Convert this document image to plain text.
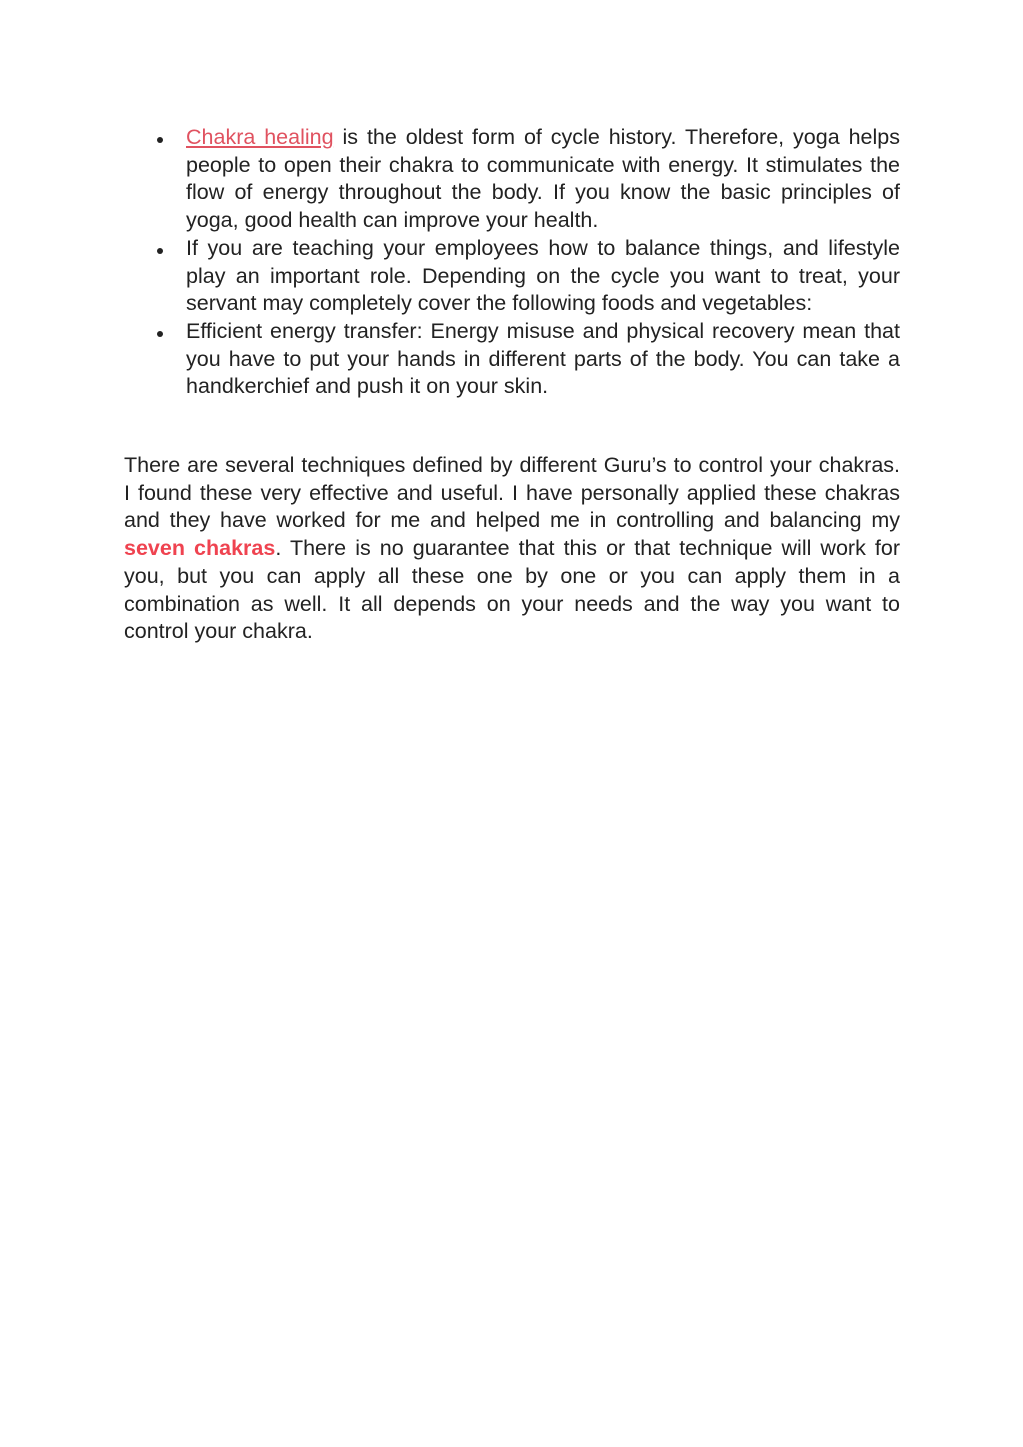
Chakra healing is the oldest form of cycle history. Therefore, yoga helps people to open their chakra to communicate with energy. It stimulates the flow of energy throughout the body. If you know the basic principles of yoga, good health can improve your health.
If you are teaching your employees how to balance things, and lifestyle play an important role. Depending on the cycle you want to treat, your servant may completely cover the following foods and vegetables:
Efficient energy transfer: Energy misuse and physical recovery mean that you have to put your hands in different parts of the body. You can take a handkerchief and push it on your skin.

There are several techniques defined by different Guru’s to control your chakras. I found these very effective and useful. I have personally applied these chakras and they have worked for me and helped me in controlling and balancing my seven chakras. There is no guarantee that this or that technique will work for you, but you can apply all these one by one or you can apply them in a combination as well. It all depends on your needs and the way you want to control your chakra.
